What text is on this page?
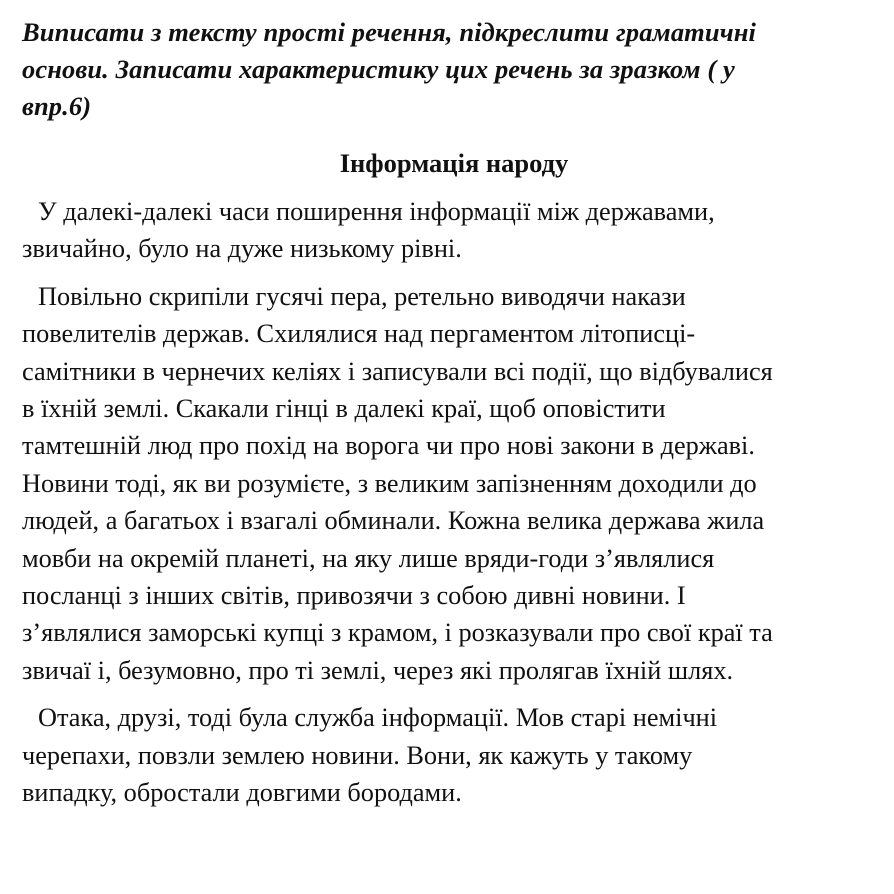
Виписати з тексту прості речення, підкреслити граматичні
основи. Записати характеристику цих речень за зразком ( у
впр.6)

Інформація народу

У далекі-далекі часи поширення інформації між державами,
звичайно, було на дуже низькому рівні.

Повільно скрипіли гусячі пера, ретельно виводячи накази
повелителів держав. Схилялися над пергаментом літописці-
самітники в чернечих келіях і записували всі події, що відбувалися
в їхній землі. Скакали гінці в далекі краї, щоб оповістити
тамтешній люд про похід на ворога чи про нові закони в державі.
Новини тоді, як ви розумієте, з великим запізненням доходили до
людей, а багатьох і взагалі обминали. Кожна велика держава жила
мовби на окремій планеті, на яку лише вряди-годи з’являлися
посланці з інших світів, привозячи з собою дивні новини. І
з’являлися заморські купці з крамом, і розказували про свої краї та
звичаї і, безумовно, про ті землі, через які пролягав їхній шлях.

Отака, друзі, тоді була служба інформації. Мов старі немічні
черепахи, повзли землею новини. Вони, як кажуть у такому
випадку, обростали довгими бородами.
